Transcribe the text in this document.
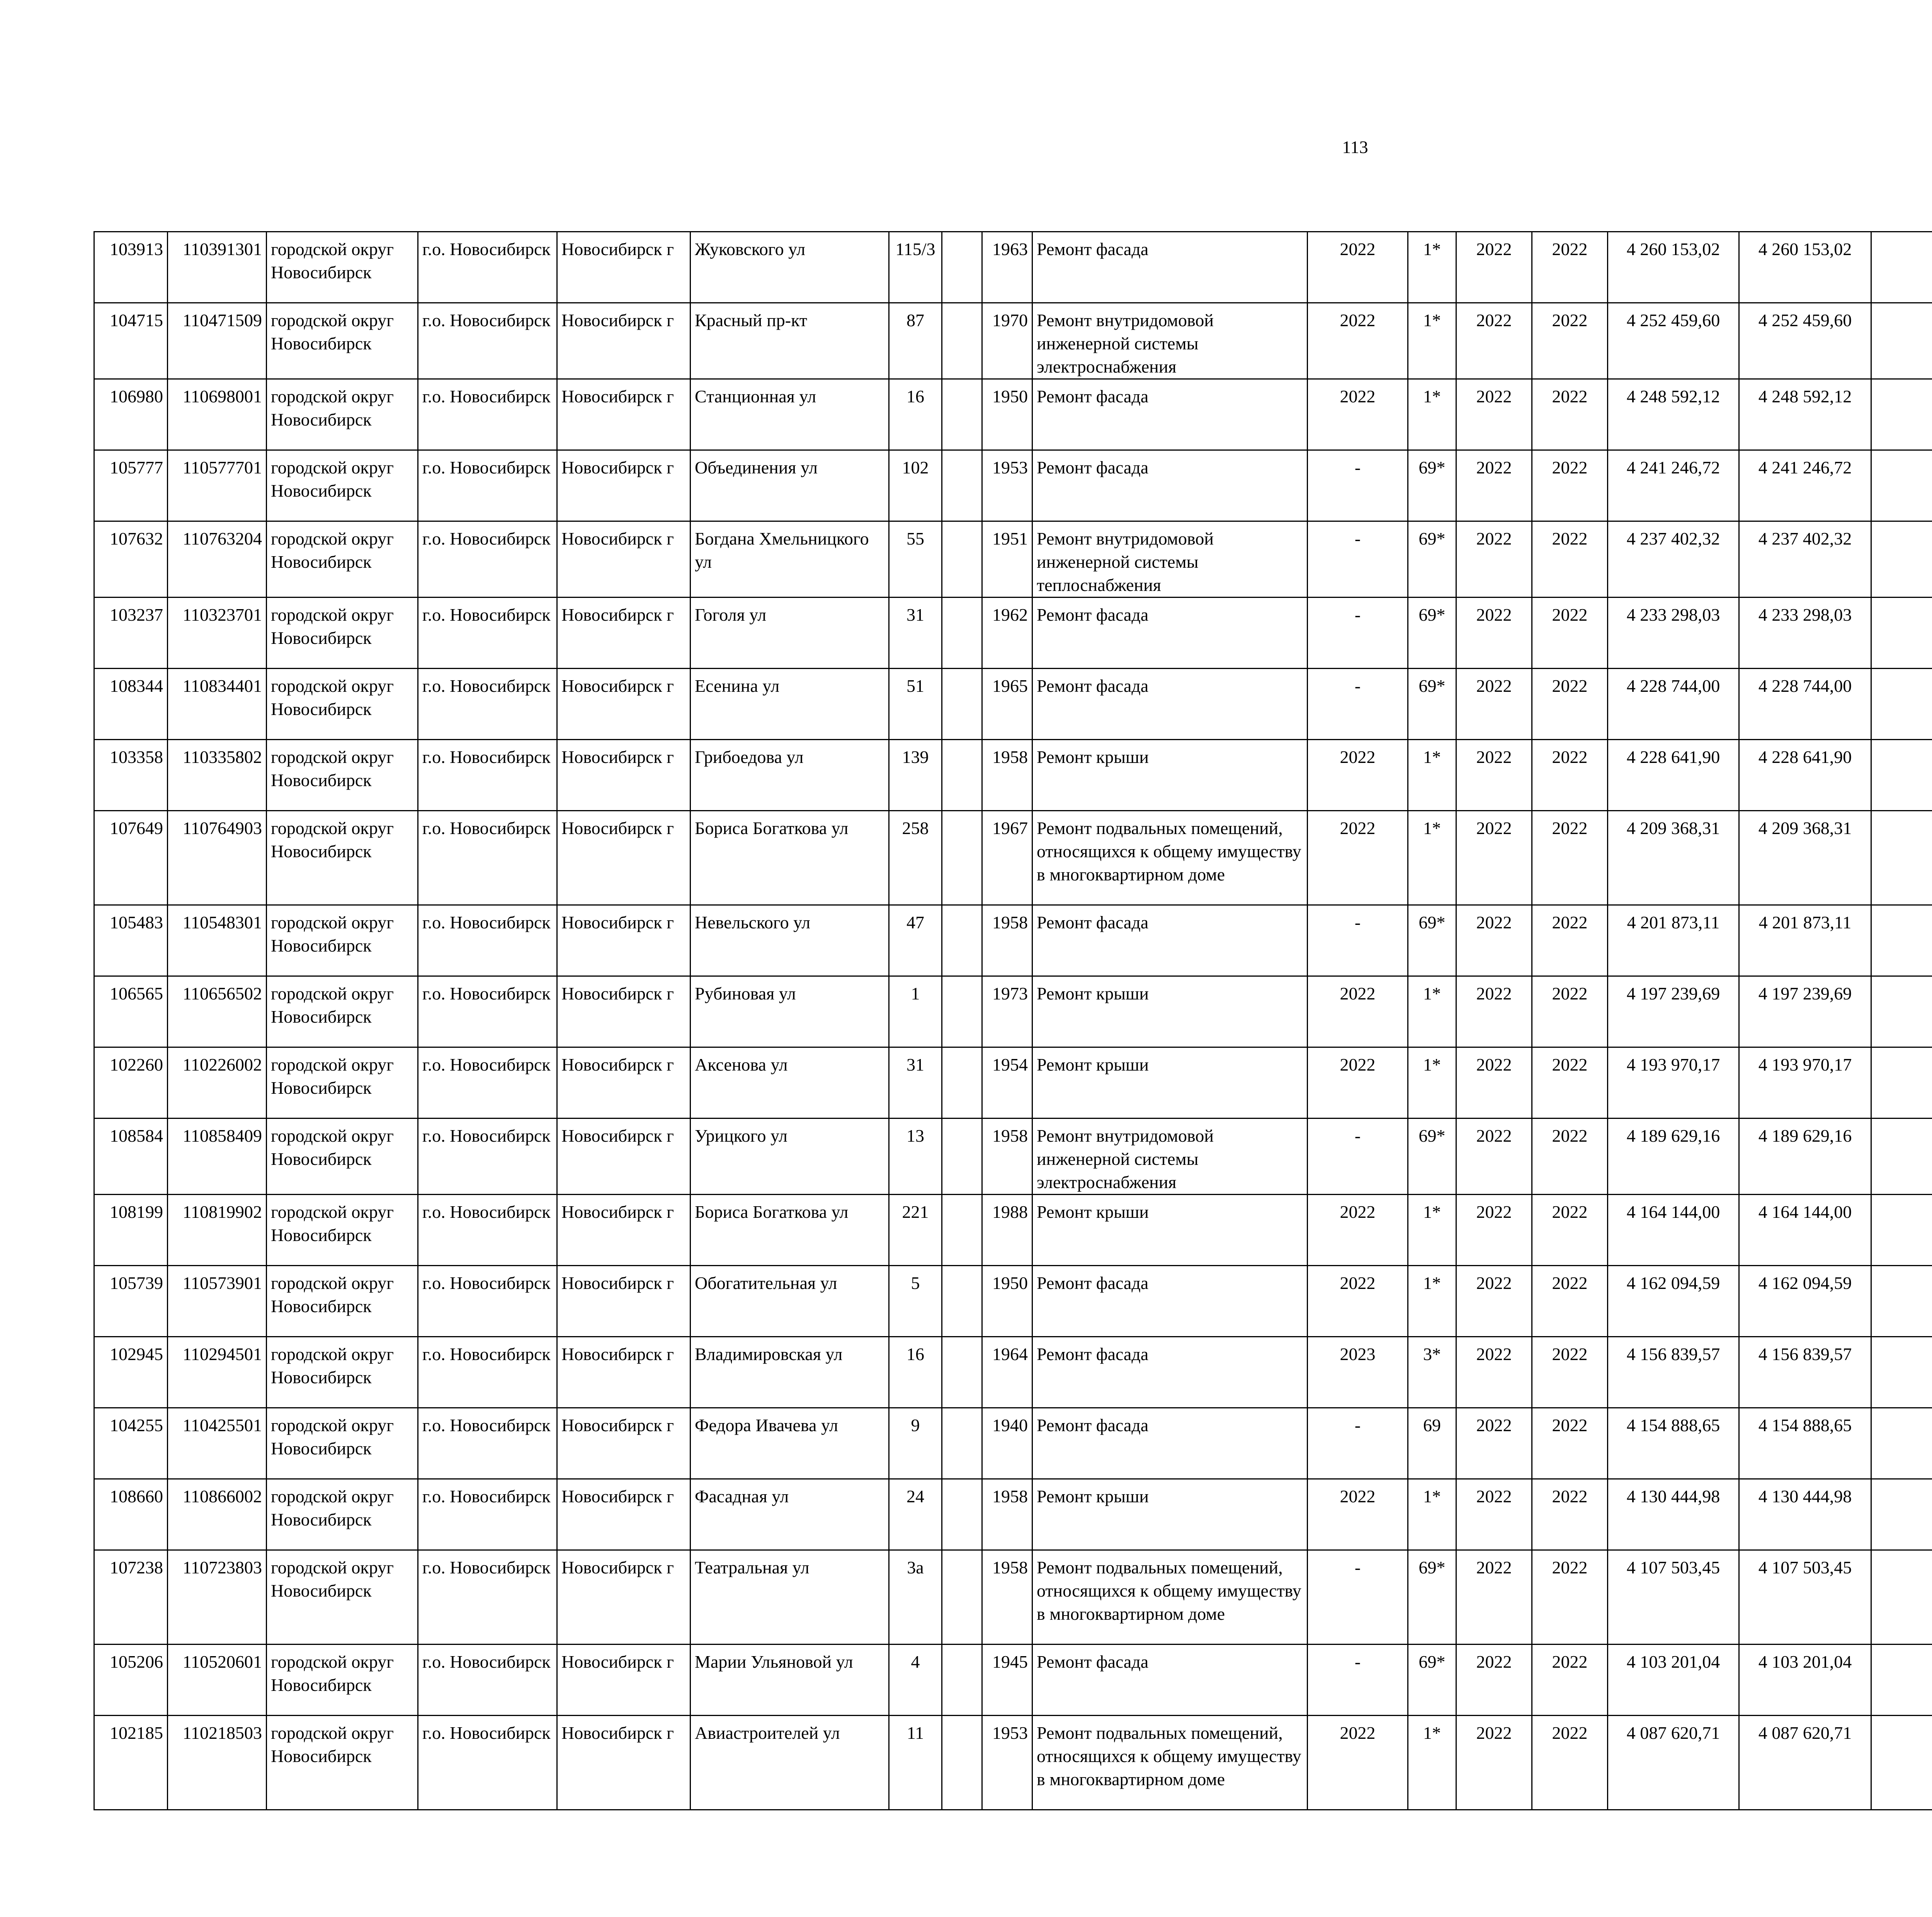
113
103913	110391301	городской округ Новосибирск	г.о. Новосибирск	Новосибирск г	Жуковского ул	115/3		1963	Ремонт фасада	2022	1*	2022	2022	4 260 153,02	4 260 153,02						
104715	110471509	городской округ Новосибирск	г.о. Новосибирск	Новосибирск г	Красный пр-кт	87		1970	Ремонт внутридомовой инженерной системы электроснабжения	2022	1*	2022	2022	4 252 459,60	4 252 459,60						
106980	110698001	городской округ Новосибирск	г.о. Новосибирск	Новосибирск г	Станционная ул	16		1950	Ремонт фасада	2022	1*	2022	2022	4 248 592,12	4 248 592,12						
105777	110577701	городской округ Новосибирск	г.о. Новосибирск	Новосибирск г	Объединения ул	102		1953	Ремонт фасада	-	69*	2022	2022	4 241 246,72	4 241 246,72						
107632	110763204	городской округ Новосибирск	г.о. Новосибирск	Новосибирск г	Богдана Хмельницкого ул	55		1951	Ремонт внутридомовой инженерной системы теплоснабжения	-	69*	2022	2022	4 237 402,32	4 237 402,32						
103237	110323701	городской округ Новосибирск	г.о. Новосибирск	Новосибирск г	Гоголя ул	31		1962	Ремонт фасада	-	69*	2022	2022	4 233 298,03	4 233 298,03						
108344	110834401	городской округ Новосибирск	г.о. Новосибирск	Новосибирск г	Есенина ул	51		1965	Ремонт фасада	-	69*	2022	2022	4 228 744,00	4 228 744,00						
103358	110335802	городской округ Новосибирск	г.о. Новосибирск	Новосибирск г	Грибоедова ул	139		1958	Ремонт крыши	2022	1*	2022	2022	4 228 641,90	4 228 641,90						
107649	110764903	городской округ Новосибирск	г.о. Новосибирск	Новосибирск г	Бориса Богаткова ул	258		1967	Ремонт подвальных помещений, относящихся к общему имуществу в многоквартирном доме	2022	1*	2022	2022	4 209 368,31	4 209 368,31						
105483	110548301	городской округ Новосибирск	г.о. Новосибирск	Новосибирск г	Невельского ул	47		1958	Ремонт фасада	-	69*	2022	2022	4 201 873,11	4 201 873,11						
106565	110656502	городской округ Новосибирск	г.о. Новосибирск	Новосибирск г	Рубиновая ул	1		1973	Ремонт крыши	2022	1*	2022	2022	4 197 239,69	4 197 239,69						
102260	110226002	городской округ Новосибирск	г.о. Новосибирск	Новосибирск г	Аксенова ул	31		1954	Ремонт крыши	2022	1*	2022	2022	4 193 970,17	4 193 970,17						
108584	110858409	городской округ Новосибирск	г.о. Новосибирск	Новосибирск г	Урицкого ул	13		1958	Ремонт внутридомовой инженерной системы электроснабжения	-	69*	2022	2022	4 189 629,16	4 189 629,16						
108199	110819902	городской округ Новосибирск	г.о. Новосибирск	Новосибирск г	Бориса Богаткова ул	221		1988	Ремонт крыши	2022	1*	2022	2022	4 164 144,00	4 164 144,00						
105739	110573901	городской округ Новосибирск	г.о. Новосибирск	Новосибирск г	Обогатительная ул	5		1950	Ремонт фасада	2022	1*	2022	2022	4 162 094,59	4 162 094,59						
102945	110294501	городской округ Новосибирск	г.о. Новосибирск	Новосибирск г	Владимировская ул	16		1964	Ремонт фасада	2023	3*	2022	2022	4 156 839,57	4 156 839,57						
104255	110425501	городской округ Новосибирск	г.о. Новосибирск	Новосибирск г	Федора Ивачева ул	9		1940	Ремонт фасада	-	69	2022	2022	4 154 888,65	4 154 888,65						
108660	110866002	городской округ Новосибирск	г.о. Новосибирск	Новосибирск г	Фасадная ул	24		1958	Ремонт крыши	2022	1*	2022	2022	4 130 444,98	4 130 444,98						
107238	110723803	городской округ Новосибирск	г.о. Новосибирск	Новосибирск г	Театральная ул	3а		1958	Ремонт подвальных помещений, относящихся к общему имуществу в многоквартирном доме	-	69*	2022	2022	4 107 503,45	4 107 503,45						
105206	110520601	городской округ Новосибирск	г.о. Новосибирск	Новосибирск г	Марии Ульяновой ул	4		1945	Ремонт фасада	-	69*	2022	2022	4 103 201,04	4 103 201,04						
102185	110218503	городской округ Новосибирск	г.о. Новосибирск	Новосибирск г	Авиастроителей ул	11		1953	Ремонт подвальных помещений, относящихся к общему имуществу в многоквартирном доме	2022	1*	2022	2022	4 087 620,71	4 087 620,71						
